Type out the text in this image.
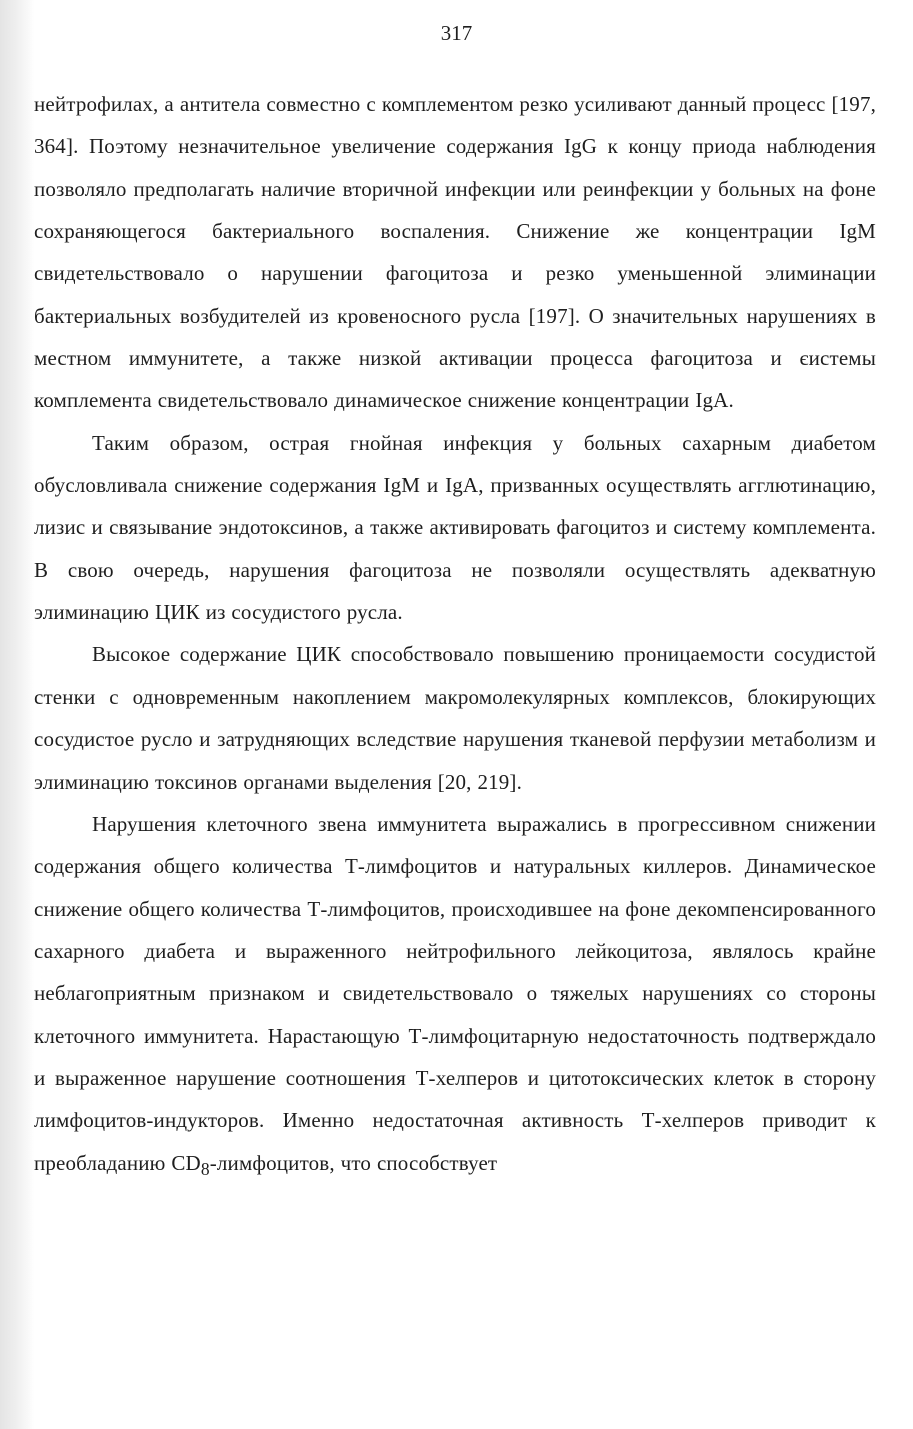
317

нейтрофилах, а антитела совместно с комплементом резко усиливают данный процесс [197, 364]. Поэтому незначительное увеличение содержания IgG к концу приода наблюдения позволяло предполагать наличие вторичной инфекции или реинфекции у больных на фоне сохраняющегося бактериального воспаления. Снижение же концентрации IgM свидетельствовало о нарушении фагоцитоза и резко уменьшенной элиминации бактериальных возбудителей из кровеносного русла [197]. О значительных нарушениях в местном иммунитете, а также низкой активации процесса фагоцитоза и єистемы комплемента свидетельствовало динамическое снижение концентрации IgA.

Таким образом, острая гнойная инфекция у больных сахарным диабетом обусловливала снижение содержания IgM и IgA, призванных осуществлять агглютинацию, лизис и связывание эндотоксинов, а также активировать фагоцитоз и систему комплемента. В свою очередь, нарушения фагоцитоза не позволяли осуществлять адекватную элиминацию ЦИК из сосудистого русла.

Высокое содержание ЦИК способствовало повышению проницаемости сосудистой стенки с одновременным накоплением макромолекулярных комплексов, блокирующих сосудистое русло и затрудняющих вследствие нарушения тканевой перфузии метаболизм и элиминацию токсинов органами выделения [20, 219].

Нарушения клеточного звена иммунитета выражались в прогрессивном снижении содержания общего количества Т-лимфоцитов и натуральных киллеров. Динамическое снижение общего количества Т-лимфоцитов, происходившее на фоне декомпенсированного сахарного диабета и выраженного нейтрофильного лейкоцитоза, являлось крайне неблагоприятным признаком и свидетельствовало о тяжелых нарушениях со стороны клеточного иммунитета. Нарастающую Т-лимфоцитарную недостаточность подтверждало и выраженное нарушение соотношения Т-хелперов и цитотоксических клеток в сторону лимфоцитов-индукторов. Именно недостаточная активность Т-хелперов приводит к преобладанию $CD_8$-лимфоцитов, что способствует
